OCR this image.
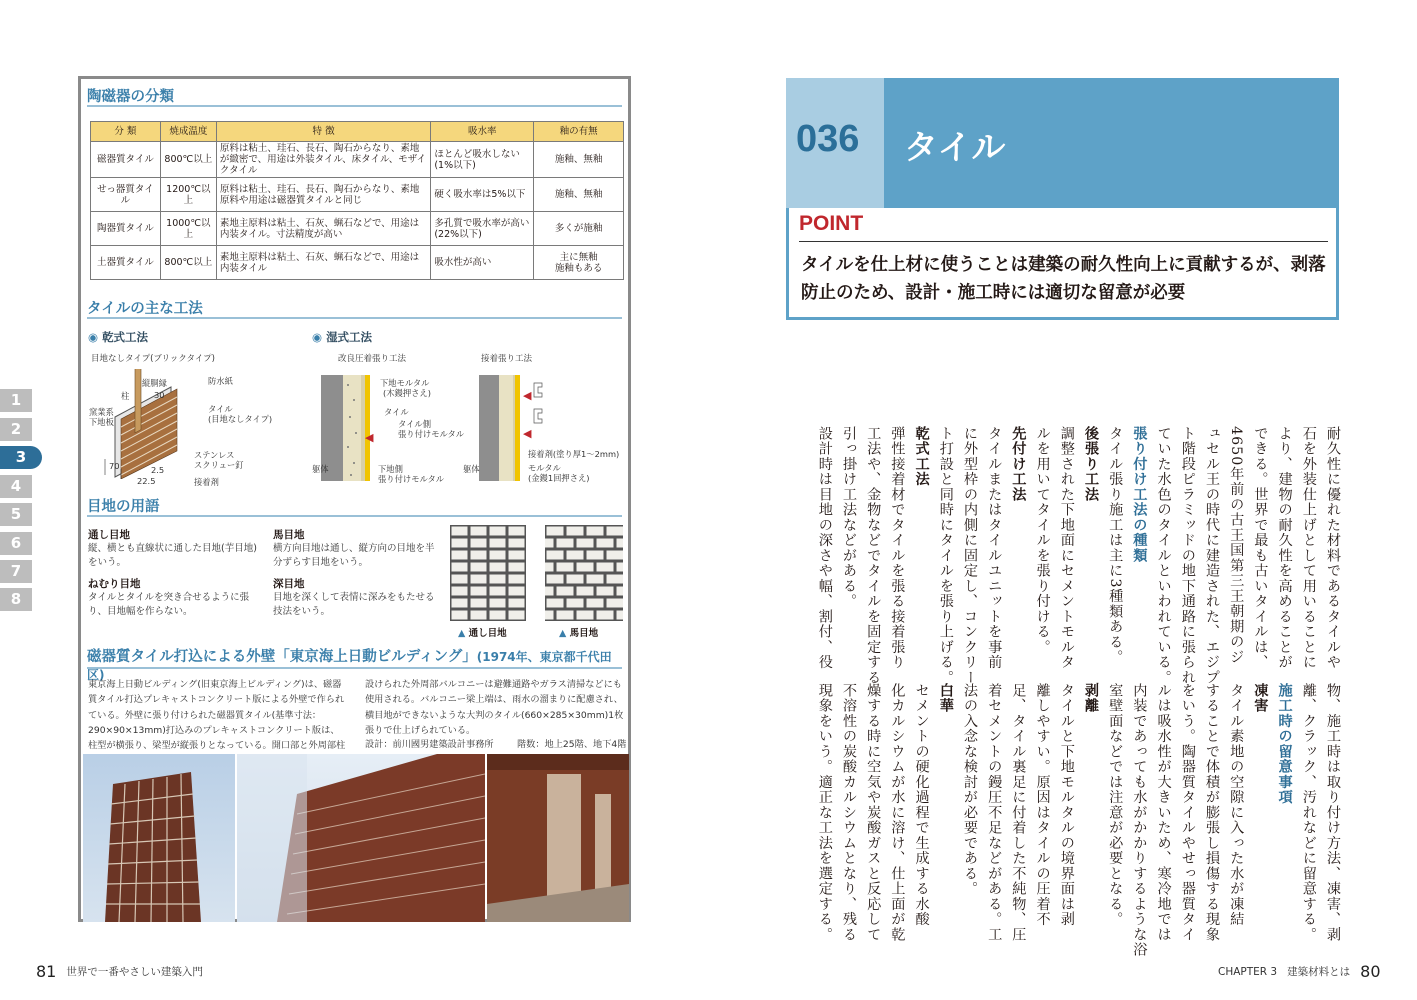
陶磁器の分類
分 類	焼成温度	特 徴	吸水率	釉の有無
磁器質タイル	800℃以上	原料は粘土、珪石、長石、陶石からなり、素地が緻密で、用途は外装タイル、床タイル、モザイクタイル	ほとんど吸水しない(1%以下)	施釉、無釉
せっ器質タイル	1200℃以上	原料は粘土、珪石、長石、陶石からなり、素地原料や用途は磁器質タイルと同じ	硬く吸水率は5%以下	施釉、無釉
陶器質タイル	1000℃以上	素地主原料は粘土、石灰、蝋石などで、用途は内装タイル。寸法精度が高い	多孔質で吸水率が高い(22%以下)	多くが施釉
土器質タイル	800℃以上	素地主原料は粘土、石灰、蝋石などで、用途は内装タイル	吸水性が高い	主に無釉
施釉もある
タイルの主な工法
◉ 乾式工法
目地なしタイプ(ブリックタイプ)
縦胴縁	防水紙
柱	30
窯業系
下地板
タイル
(目地なしタイプ)
ステンレス
スクリュー釘
接着剤
70	2.5
22.5
◉ 湿式工法
改良圧着張り工法	接着張り工法
下地モルタル
(木鏝押さえ)
タイル
タイル側
張り付けモルタル
躯体	下地側
張り付けモルタル
◀
◀
◀
躯体
接着剤(塗り厚1～2mm)
モルタル
(金鏝1回押さえ)
目地の用語
通し目地
縦、横とも直線状に通した目地(芋目地)をいう。
ねむり目地
タイルとタイルを突き合せるように張り、目地幅を作らない。
馬目地
横方向目地は通し、縦方向の目地を半分ずらす目地をいう。
深目地
目地を深くして表情に深みをもたせる技法をいう。
▲ 通し目地	▲ 馬目地
磁器質タイル打込による外壁「東京海上日動ビルディング」(1974年、東京都千代田区)
東京海上日動ビルディング(旧東京海上ビルディング)は、磁器質タイル打込プレキャストコンクリート版による外壁で作られている。外壁に張り付けられた磁器質タイル(基準寸法：290×90×13mm)打込みのプレキャストコンクリート版は、柱型が横張り、梁型が縦張りとなっている。開口部と外周部柱
設けられた外周部バルコニーは避難通路やガラス清掃などにも使用される。バルコニー梁上端は、雨水の溜まりに配慮され、横目地ができないような大判のタイル(660×285×30mm)1枚張りで仕上げられている。
設計：前川國男建築設計事務所	階数：地上25階、地下4階
1
2
3
4
5
6
7
8
81 世界で一番やさしい建築入門
036 タイル
POINT
タイルを仕上材に使うことは建築の耐久性向上に貢献するが、剥落防止のため、設計・施工時には適切な留意が必要
耐久性に優れた材料であるタイルや
石を外装仕上げとして用いることに
より、建物の耐久性を高めることが
できる。世界で最も古いタイルは、
4650年前の古王国第三王朝期のジ
ュセル王の時代に建造された、エジプ
ト階段ピラミッドの地下通路に張られ
ていた水色のタイルといわれている。
張り付け工法の種類
タイル張り施工は主に3種類ある。
後張り工法
調整された下地面にセメントモルタ
ルを用いてタイルを張り付ける。
先付け工法
タイルまたはタイルユニットを事前
に外型枠の内側に固定し、コンクリー
ト打設と同時にタイルを張り上げる。
乾式工法
弾性接着材でタイルを張る接着張り
工法や、金物などでタイルを固定する
引っ掛け工法などがある。
設計時は目地の深さや幅、割付、役
物、施工時は取り付け方法、凍害、剥
離、クラック、汚れなどに留意する。
施工時の留意事項
凍害
タイル素地の空隙に入った水が凍結
することで体積が膨張し損傷する現象
をいう。陶器質タイルやせっ器質タイ
ルは吸水性が大きいため、寒冷地では
内装であっても水がかかりするような浴
室壁面などでは注意が必要となる。
剥離
タイルと下地モルタルの境界面は剥
離しやすい。原因はタイルの圧着不
足、タイル裏足に付着した不純物、圧
着セメントの鏝圧不足などがある。工
法の入念な検討が必要である。
白華
セメントの硬化過程で生成する水酸
化カルシウムが水に溶け、仕上面が乾
燥する時に空気や炭酸ガスと反応して
不溶性の炭酸カルシウムとなり、残る
現象をいう。適正な工法を選定する。
CHAPTER 3 建築材料とは 80
